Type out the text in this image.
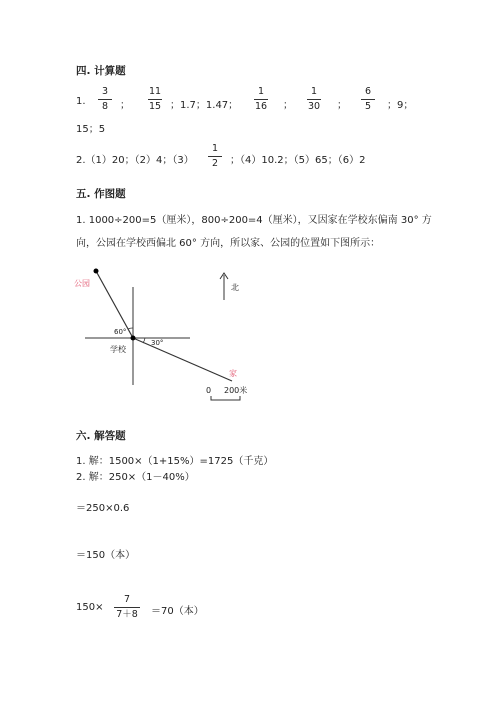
四. 计算题
1.
3
8	；
11
15 ；1.7；1.47；
1
16	；
1
30	；
6
5	；9；
15；5
2.（1）20；（2）4；（3）
1
2	；（4）10.2；（5）65；（6）2
五. 作图题
1. 1000÷200=5（厘米），800÷200=4（厘米），又因家在学校东偏南 30° 方
向，公园在学校西偏北 60° 方向，所以家、公园的位置如下图所示：
60°
30°
公园
学校
家
北
0 200米
六. 解答题
1. 解：1500×（1+15%）=1725（千克）
2. 解：250×（1－40%）
＝250×0.6
＝150（本）
150×
7
7＋8	＝70（本）
